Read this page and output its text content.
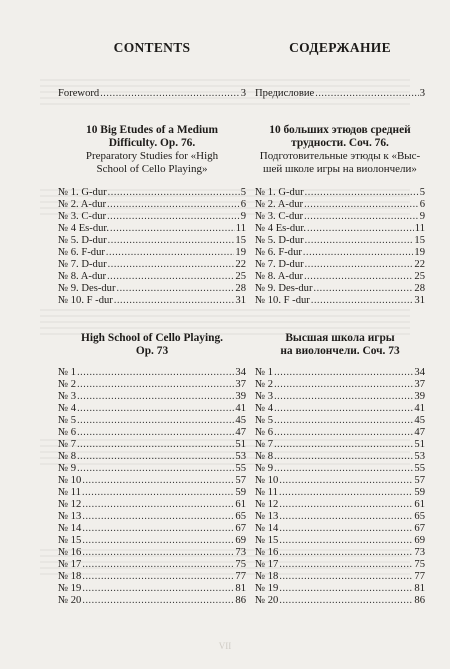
CONTENTS
Foreword .....	3
10 Big Etudes of a Medium
Difficulty. Op. 76.
Preparatory Studies for «High
School of Cello Playing»
№ 1. G-dur .....	5
№ 2. A-dur .....	6
№ 3. C-dur .....	9
№ 4 Es-dur. .....	11
№ 5. D-dur .....	15
№ 6. F-dur .....	19
№ 7. D-dur .....	22
№ 8. A-dur .....	25
№ 9. Des-dur .....	28
№ 10. F -dur .....	31
High School of Cello Playing.
Op. 73
№ 1 .....	34
№ 2 .....	37
№ 3 .....	39
№ 4 .....	41
№ 5 .....	45
№ 6 .....	47
№ 7 .....	51
№ 8 .....	53
№ 9 .....	55
№ 10 .....	57
№ 11 .....	59
№ 12 .....	61
№ 13 .....	65
№ 14 .....	67
№ 15 .....	69
№ 16 .....	73
№ 17 .....	75
№ 18 .....	77
№ 19 .....	81
№ 20 .....	86
СОДЕРЖАНИЕ
Предисловие .....	3
10 больших этюдов средней
трудности. Соч. 76.
Подготовительные этюды к «Выс-
шей школе игры на виолончели»
№ 1. G-dur .....	5
№ 2. A-dur .....	6
№ 3. C-dur .....	9
№ 4 Es-dur. .....	11
№ 5. D-dur .....	15
№ 6. F-dur .....	19
№ 7. D-dur .....	22
№ 8. A-dur .....	25
№ 9. Des-dur .....	28
№ 10. F -dur .....	31
Высшая школа игры
на виолончели. Соч. 73
№ 1 .....	34
№ 2 .....	37
№ 3 .....	39
№ 4 .....	41
№ 5 .....	45
№ 6 .....	47
№ 7 .....	51
№ 8 .....	53
№ 9 .....	55
№ 10 .....	57
№ 11 .....	59
№ 12 .....	61
№ 13 .....	65
№ 14 .....	67
№ 15 .....	69
№ 16 .....	73
№ 17 .....	75
№ 18 .....	77
№ 19 .....	81
№ 20 .....	86
VII
